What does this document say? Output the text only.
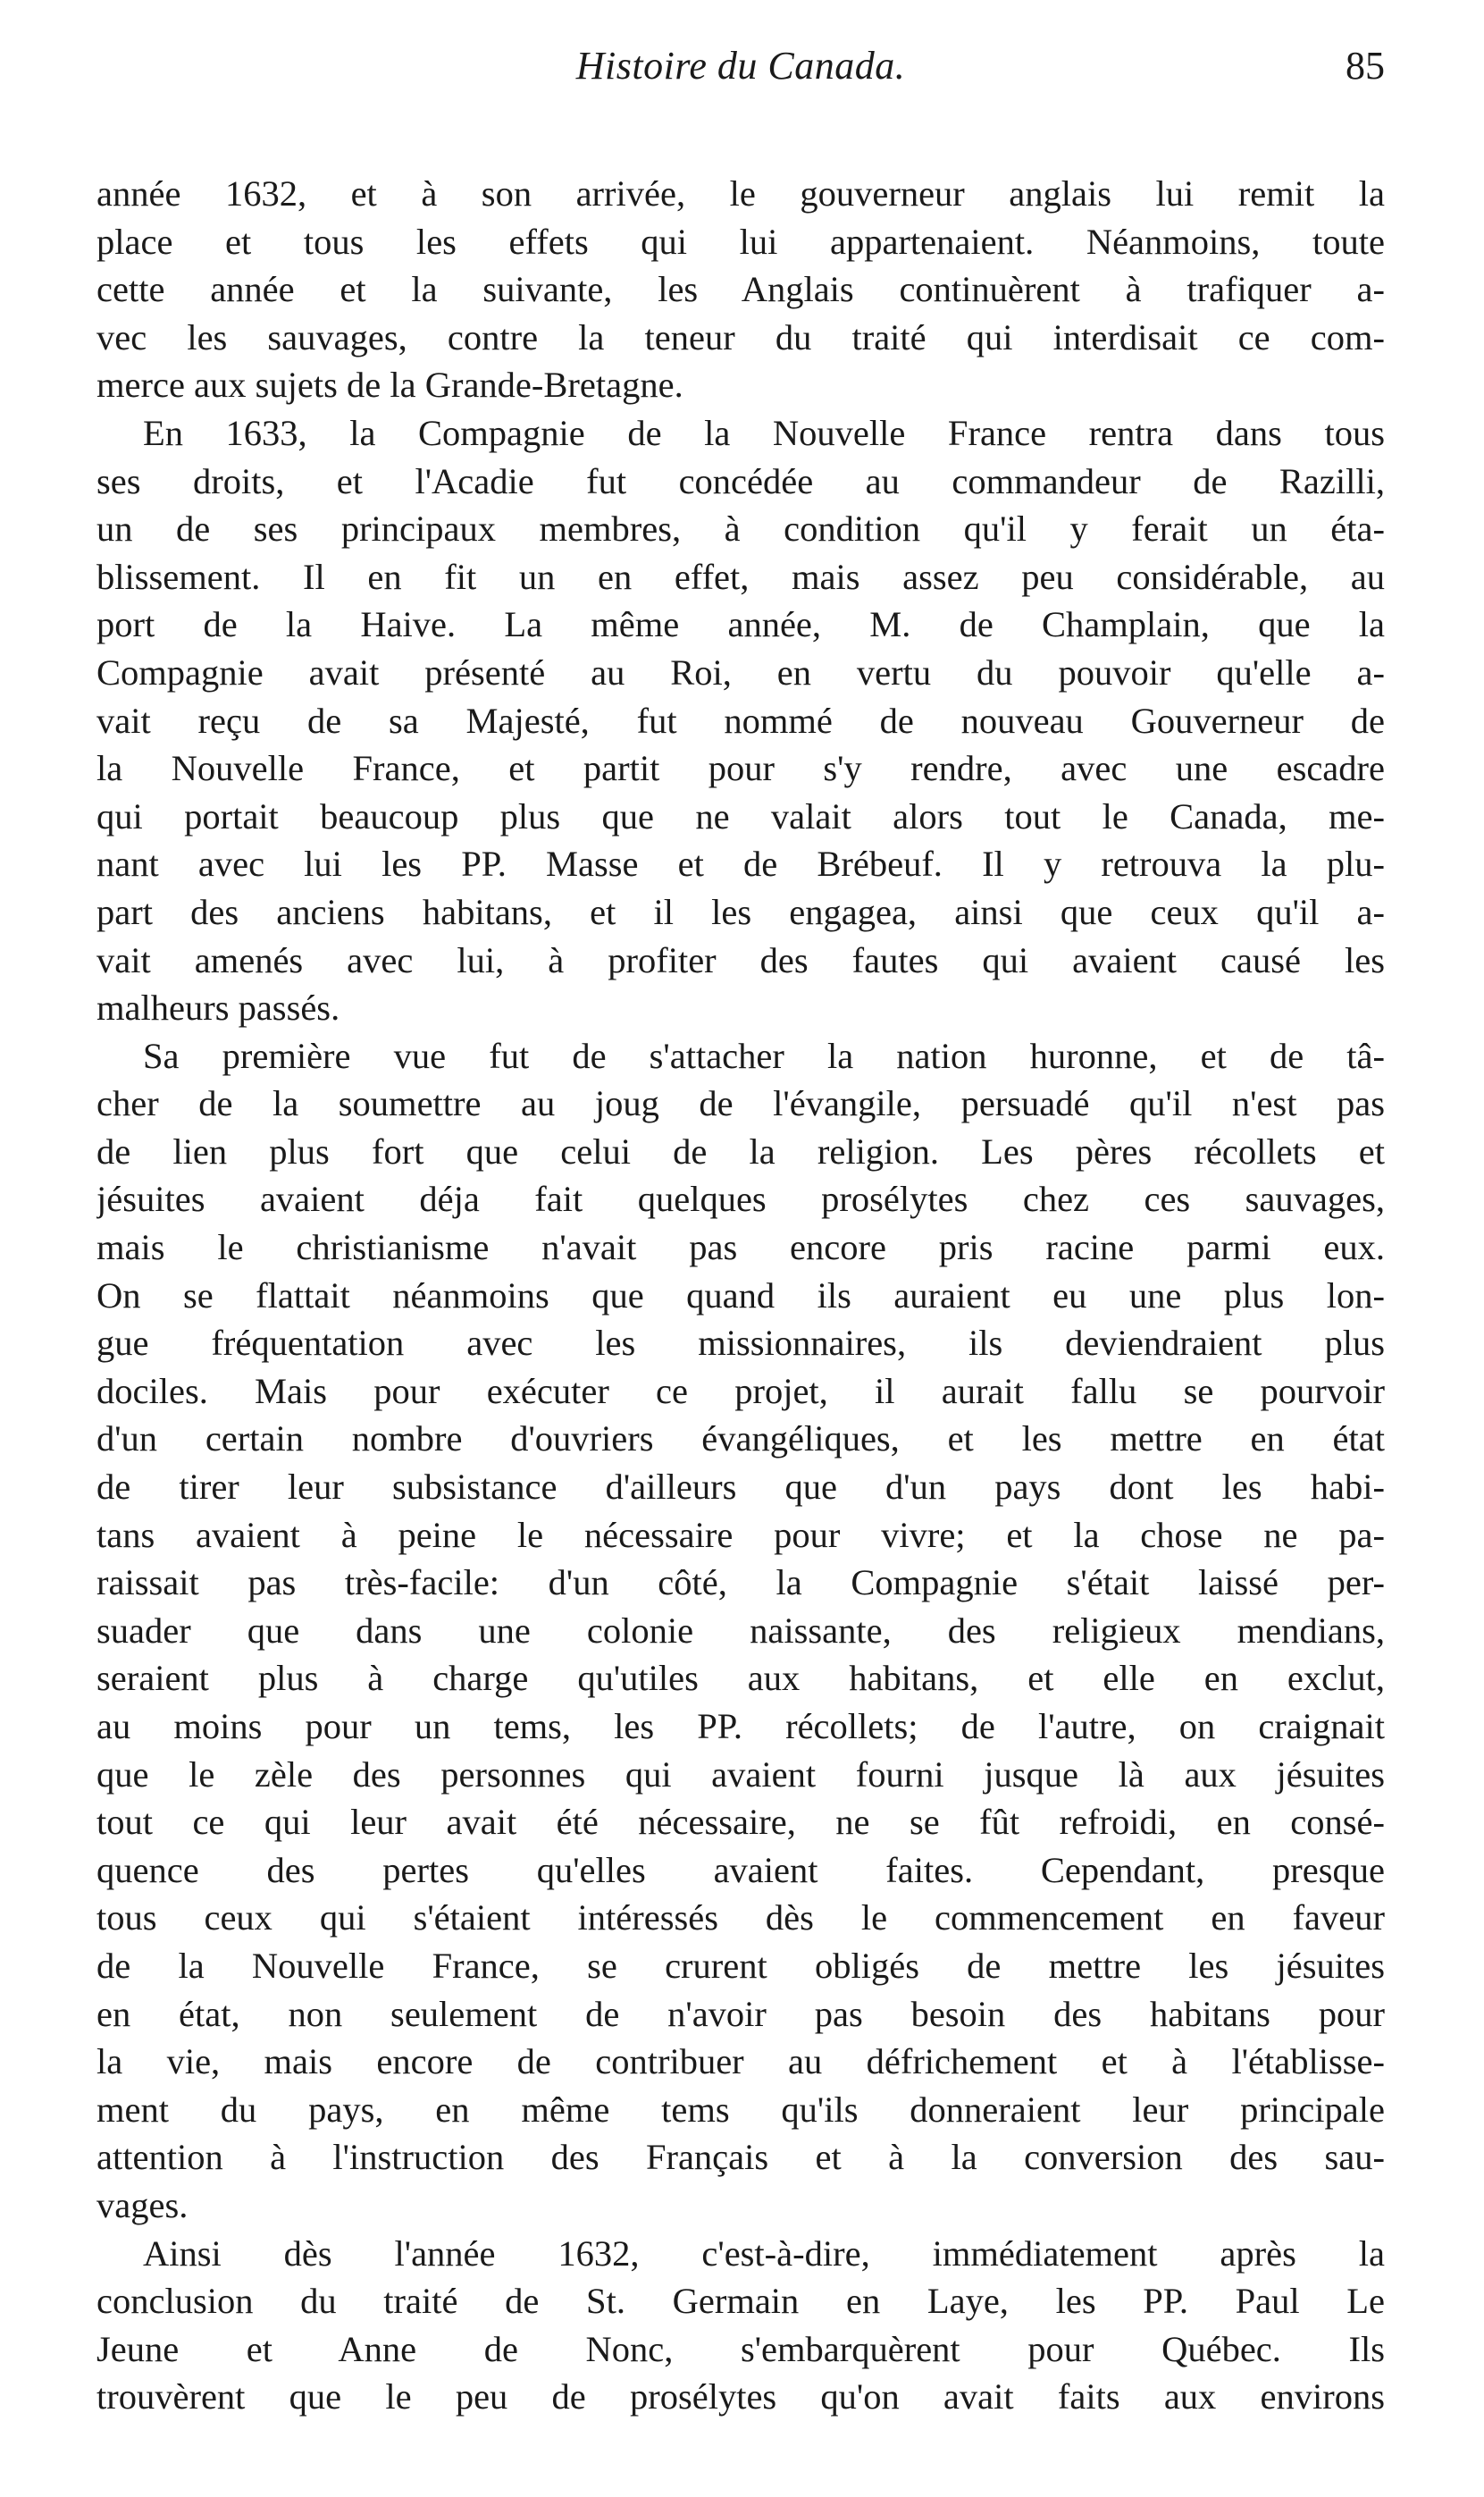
Histoire du Canada.	85
année 1632, et à son arrivée, le gouverneur anglais lui remit la
place et tous les effets qui lui appartenaient. Néanmoins, toute
cette année et la suivante, les Anglais continuèrent à trafiquer a-
vec les sauvages, contre la teneur du traité qui interdisait ce com-
merce aux sujets de la Grande-Bretagne.
En 1633, la Compagnie de la Nouvelle France rentra dans tous
ses droits, et l'Acadie fut concédée au commandeur de Razilli,
un de ses principaux membres, à condition qu'il y ferait un éta-
blissement. Il en fit un en effet, mais assez peu considérable, au
port de la Haive. La même année, M. de Champlain, que la
Compagnie avait présenté au Roi, en vertu du pouvoir qu'elle a-
vait reçu de sa Majesté, fut nommé de nouveau Gouverneur de
la Nouvelle France, et partit pour s'y rendre, avec une escadre
qui portait beaucoup plus que ne valait alors tout le Canada, me-
nant avec lui les PP. Masse et de Brébeuf. Il y retrouva la plu-
part des anciens habitans, et il les engagea, ainsi que ceux qu'il a-
vait amenés avec lui, à profiter des fautes qui avaient causé les
malheurs passés.
Sa première vue fut de s'attacher la nation huronne, et de tâ-
cher de la soumettre au joug de l'évangile, persuadé qu'il n'est pas
de lien plus fort que celui de la religion. Les pères récollets et
jésuites avaient déja fait quelques prosélytes chez ces sauvages,
mais le christianisme n'avait pas encore pris racine parmi eux.
On se flattait néanmoins que quand ils auraient eu une plus lon-
gue fréquentation avec les missionnaires, ils deviendraient plus
dociles. Mais pour exécuter ce projet, il aurait fallu se pourvoir
d'un certain nombre d'ouvriers évangéliques, et les mettre en état
de tirer leur subsistance d'ailleurs que d'un pays dont les habi-
tans avaient à peine le nécessaire pour vivre; et la chose ne pa-
raissait pas très-facile: d'un côté, la Compagnie s'était laissé per-
suader que dans une colonie naissante, des religieux mendians,
seraient plus à charge qu'utiles aux habitans, et elle en exclut,
au moins pour un tems, les PP. récollets; de l'autre, on craignait
que le zèle des personnes qui avaient fourni jusque là aux jésuites
tout ce qui leur avait été nécessaire, ne se fût refroidi, en consé-
quence des pertes qu'elles avaient faites. Cependant, presque
tous ceux qui s'étaient intéressés dès le commencement en faveur
de la Nouvelle France, se crurent obligés de mettre les jésuites
en état, non seulement de n'avoir pas besoin des habitans pour
la vie, mais encore de contribuer au défrichement et à l'établisse-
ment du pays, en même tems qu'ils donneraient leur principale
attention à l'instruction des Français et à la conversion des sau-
vages.
Ainsi dès l'année 1632, c'est-à-dire, immédiatement après la
conclusion du traité de St. Germain en Laye, les PP. Paul Le
Jeune et Anne de Nonc, s'embarquèrent pour Québec. Ils
trouvèrent que le peu de prosélytes qu'on avait faits aux environs
